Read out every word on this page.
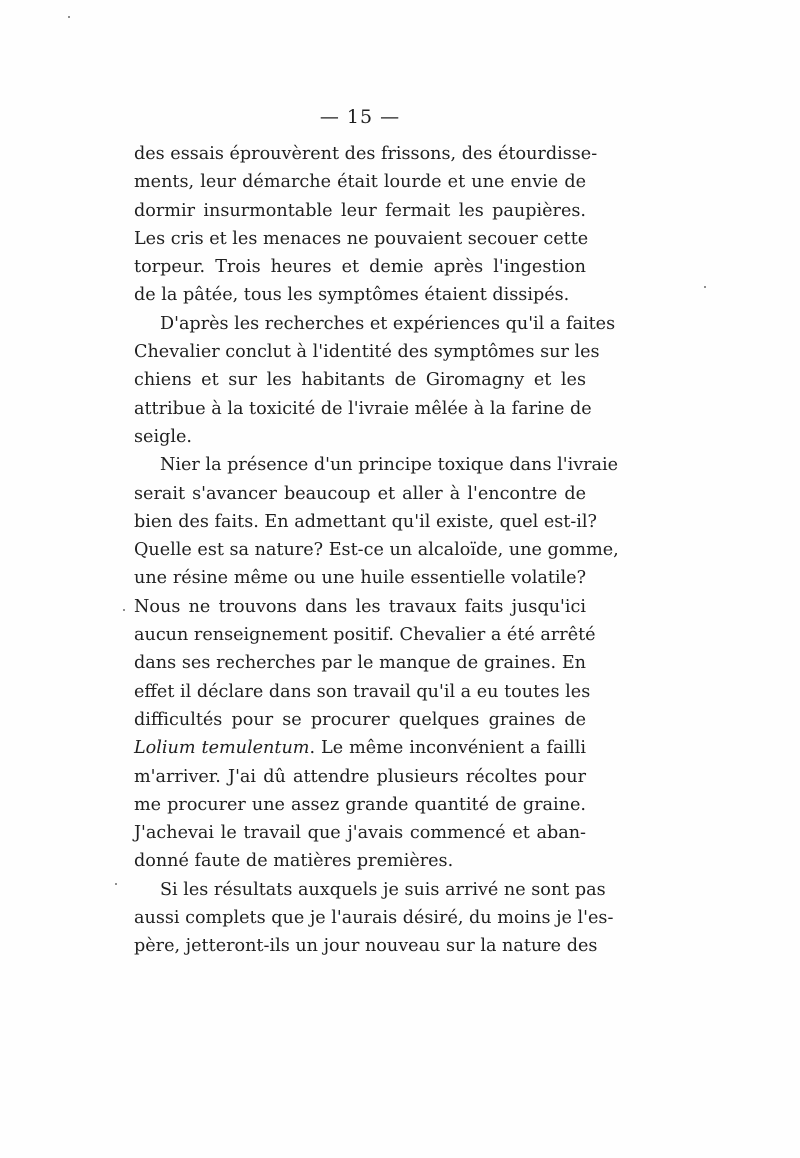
— 15 —
des essais éprouvèrent des frissons, des étourdisse-
ments, leur démarche était lourde et une envie de
dormir insurmontable leur fermait les paupières.
Les cris et les menaces ne pouvaient secouer cette
torpeur. Trois heures et demie après l'ingestion
de la pâtée, tous les symptômes étaient dissipés.
D'après les recherches et expériences qu'il a faites
Chevalier conclut à l'identité des symptômes sur les
chiens et sur les habitants de Giromagny et les
attribue à la toxicité de l'ivraie mêlée à la farine de
seigle.
Nier la présence d'un principe toxique dans l'ivraie
serait s'avancer beaucoup et aller à l'encontre de
bien des faits. En admettant qu'il existe, quel est-il?
Quelle est sa nature? Est-ce un alcaloïde, une gomme,
une résine même ou une huile essentielle volatile?
Nous ne trouvons dans les travaux faits jusqu'ici
aucun renseignement positif. Chevalier a été arrêté
dans ses recherches par le manque de graines. En
effet il déclare dans son travail qu'il a eu toutes les
difficultés pour se procurer quelques graines de
Lolium temulentum. Le même inconvénient a failli
m'arriver. J'ai dû attendre plusieurs récoltes pour
me procurer une assez grande quantité de graine.
J'achevai le travail que j'avais commencé et aban-
donné faute de matières premières.
Si les résultats auxquels je suis arrivé ne sont pas
aussi complets que je l'aurais désiré, du moins je l'es-
père, jetteront-ils un jour nouveau sur la nature des
